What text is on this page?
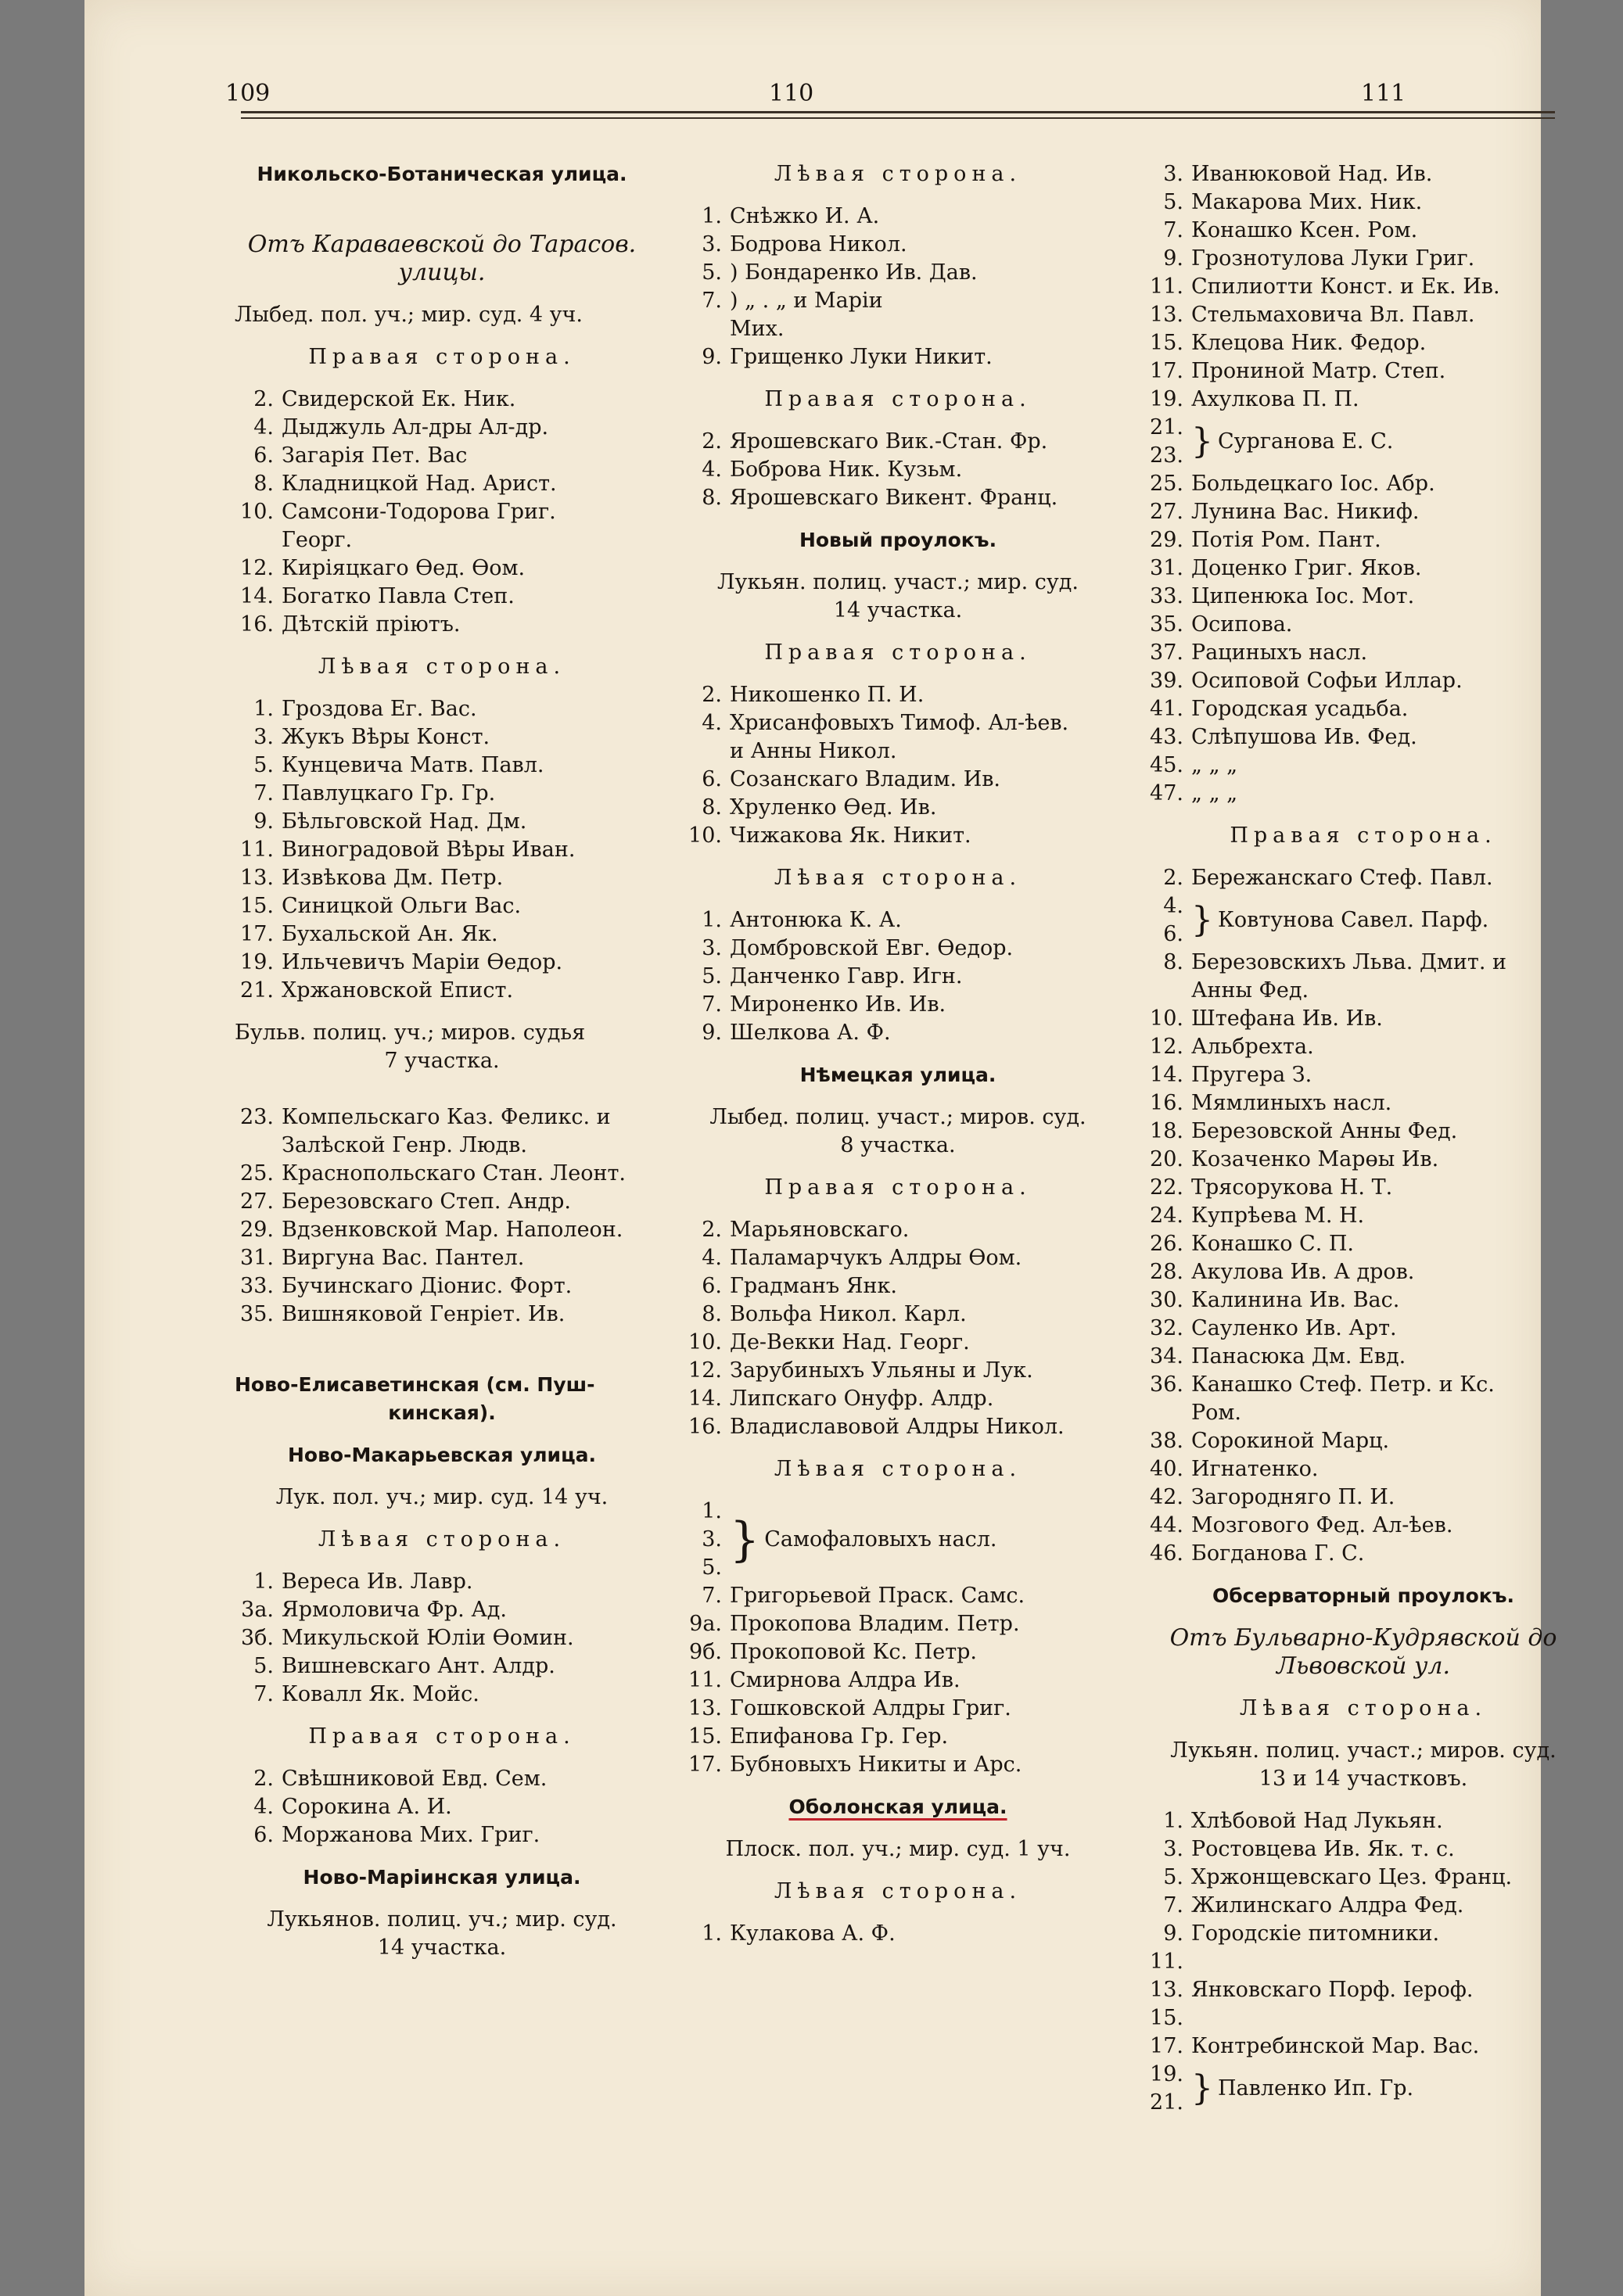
109	110	111
Никольско-Ботаническая улица.
Отъ Караваевской до Тарасов.
улицы.
Лыбед. пол. уч.; мир. суд. 4 уч.
Правая сторона.
2. Свидерской Ек. Ник.
4. Дыджуль Ал-дры Ал-др.
6. Загарія Пет. Вас
8. Кладницкой Над. Арист.
10. Самсони-Тодорова Григ.
Георг.
12. Киріяцкаго Өед. Өом.
14. Богатко Павла Степ.
16. Дѣтскій пріютъ.
Лѣвая сторона.
1. Гроздова Ег. Вас.
3. Жукъ Вѣры Конст.
5. Кунцевича Матв. Павл.
7. Павлуцкаго Гр. Гр.
9. Бѣльговской Над. Дм.
11. Виноградовой Вѣры Иван.
13. Извѣкова Дм. Петр.
15. Синицкой Ольги Вас.
17. Бухальской Ан. Як.
19. Ильчевичъ Маріи Өедор.
21. Хржановской Епист.
Бульв. полиц. уч.; миров. судья
7 участка.
23. Компельскаго Каз. Феликс. и
Залѣской Генр. Людв.
25. Краснопольскаго Стан. Леонт.
27. Березовскаго Степ. Андр.
29. Вдзенковской Мар. Наполеон.
31. Виргуна Вас. Пантел.
33. Бучинскаго Діонис. Форт.
35. Вишняковой Генріет. Ив.
Ново-Елисаветинская (см. Пуш-
кинская).
Ново-Макарьевская улица.
Лук. пол. уч.; мир. суд. 14 уч.
Лѣвая сторона.
1. Вереса Ив. Лавр.
3а. Ярмоловича Фр. Ад.
3б. Микульской Юліи Өомин.
5. Вишневскаго Ант. Алдр.
7. Ковалл Як. Мойс.
Правая сторона.
2. Свѣшниковой Евд. Сем.
4. Сорокина А. И.
6. Моржанова Мих. Григ.
Ново-Маріинская улица.
Лукьянов. полиц. уч.; мир. суд.
14 участка.
Лѣвая сторона.
1. Снѣжко И. А.
3. Бодрова Никол.
5. ) Бондаренко Ив. Дав.
7. ) „ . „ и Маріи
Мих.
9. Грищенко Луки Никит.
Правая сторона.
2. Ярошевскаго Вик.-Стан. Фр.
4. Боброва Ник. Кузьм.
8. Ярошевскаго Викент. Франц.
Новый проулокъ.
Лукьян. полиц. участ.; мир. суд.
14 участка.
Правая сторона.
2. Никошенко П. И.
4. Хрисанфовыхъ Тимоф. Ал-ѣев.
и Анны Никол.
6. Созанскаго Владим. Ив.
8. Хруленко Өед. Ив.
10. Чижакова Як. Никит.
Лѣвая сторона.
1. Антонюка К. А.
3. Домбровской Евг. Өедор.
5. Данченко Гавр. Игн.
7. Мироненко Ив. Ив.
9. Шелкова А. Ф.
Нѣмецкая улица.
Лыбед. полиц. участ.; миров. суд.
8 участка.
Правая сторона.
2. Марьяновскаго.
4. Паламарчукъ Алдры Өом.
6. Градманъ Янк.
8. Вольфа Никол. Карл.
10. Де-Векки Над. Георг.
12. Зарубиныхъ Ульяны и Лук.
14. Липскаго Онуфр. Алдр.
16. Владиславовой Алдры Никол.
Лѣвая сторона.
1.
3.
5.
} Самофаловыхъ насл.
7. Григорьевой Праск. Самс.
9а. Прокопова Владим. Петр.
9б. Прокоповой Кс. Петр.
11. Смирнова Алдра Ив.
13. Гошковской Алдры Григ.
15. Епифанова Гр. Гер.
17. Бубновыхъ Никиты и Арс.
Оболонская улица.
Плоск. пол. уч.; мир. суд. 1 уч.
Лѣвая сторона.
1. Кулакова А. Ф.
3. Иванюковой Над. Ив.
5. Макарова Мих. Ник.
7. Конашко Ксен. Ром.
9. Грознотулова Луки Григ.
11. Спилиотти Конст. и Ек. Ив.
13. Стельмаховича Вл. Павл.
15. Клецова Ник. Федор.
17. Прониной Матр. Степ.
19. Ахулкова П. П.
21.
23. } Сурганова Е. С.
25. Больдецкаго Іос. Абр.
27. Лунина Вас. Никиф.
29. Потія Ром. Пант.
31. Доценко Григ. Яков.
33. Ципенюка Іос. Мот.
35. Осипова.
37. Рациныхъ насл.
39. Осиповой Софьи Иллар.
41. Городская усадьба.
43. Слѣпушова Ив. Фед.
45. „ „ „
47. „ „ „
Правая сторона.
2. Бережанскаго Стеф. Павл.
4.
6. } Ковтунова Савел. Парф.
8. Березовскихъ Льва. Дмит. и
Анны Фед.
10. Штефана Ив. Ив.
12. Альбрехта.
14. Пругера З.
16. Мямлиныхъ насл.
18. Березовской Анны Фед.
20. Козаченко Марөы Ив.
22. Трясорукова Н. Т.
24. Купрѣева М. Н.
26. Конашко С. П.
28. Акулова Ив. А дров.
30. Калинина Ив. Вас.
32. Сауленко Ив. Арт.
34. Панасюка Дм. Евд.
36. Канашко Стеф. Петр. и Кс.
Ром.
38. Сорокиной Марц.
40. Игнатенко.
42. Загородняго П. И.
44. Мозгового Фед. Ал-ѣев.
46. Богданова Г. С.
Обсерваторный проулокъ.
Отъ Бульварно-Кудрявской до
Львовской ул.
Лѣвая сторона.
Лукьян. полиц. участ.; миров. суд.
13 и 14 участковъ.
1. Хлѣбовой Над Лукьян.
3. Ростовцева Ив. Як. т. с.
5. Хржонщевскаго Цез. Франц.
7. Жилинскаго Алдра Фед.
9. Городскіе питомники.
11.
13. Янковскаго Порф. Іероф.
15.
17. Контребинской Мар. Вас.
19.
21. } Павленко Ип. Гр.
